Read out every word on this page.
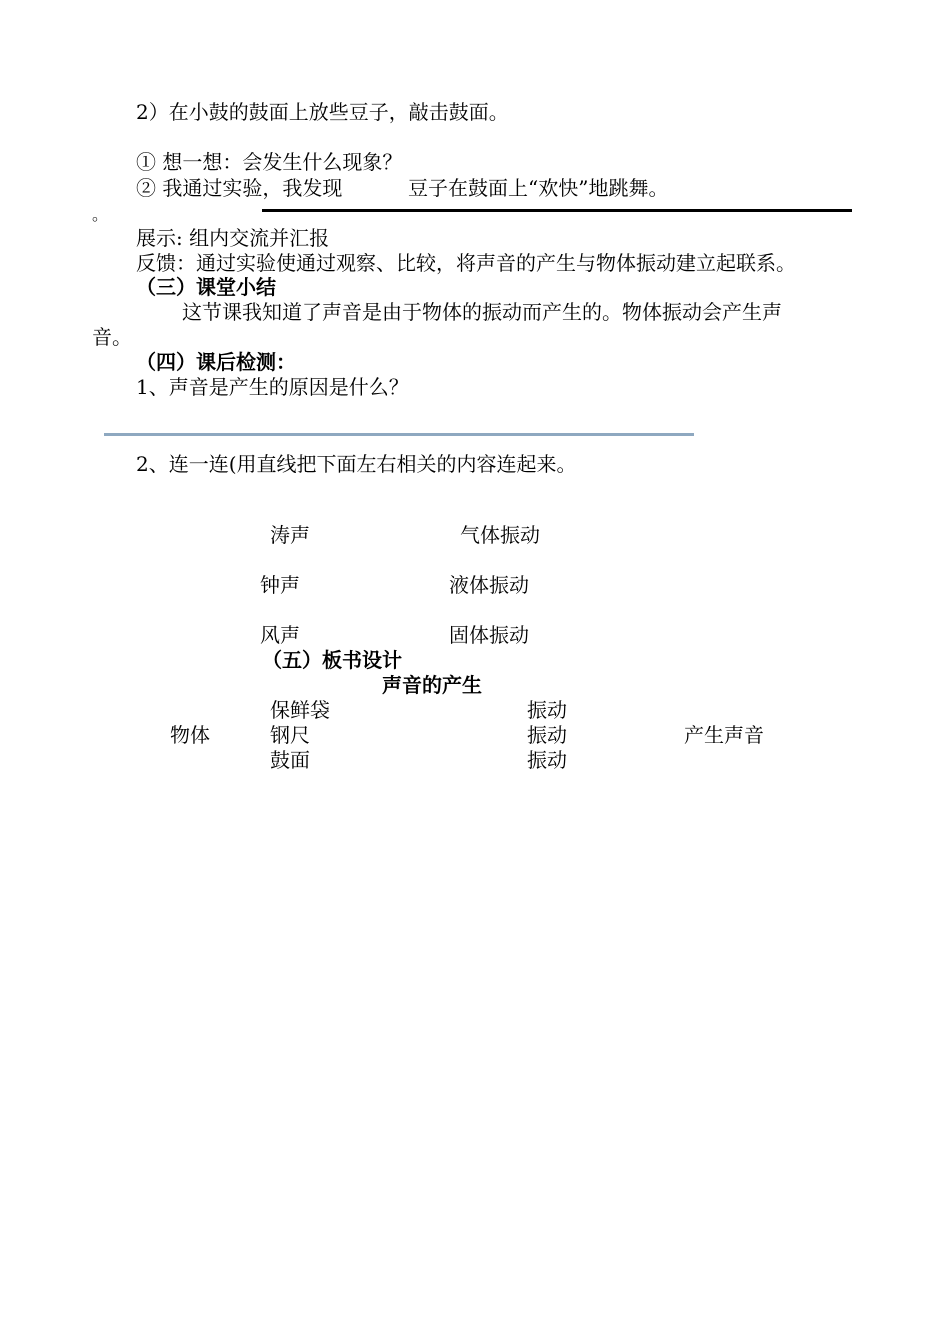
2）在小鼓的鼓面上放些豆子，敲击鼓面。
① 想一想：会发生什么现象？
② 我通过实验，我发现	豆子在鼓面上“欢快”地跳舞。
。
展示: 组内交流并汇报
反馈：通过实验使通过观察、比较，将声音的产生与物体振动建立起联系。
（三）课堂小结
这节课我知道了声音是由于物体的振动而产生的。物体振动会产生声
音。
（四）课后检测：
1、声音是产生的原因是什么？
2、连一连(用直线把下面左右相关的内容连起来。
涛声
钟声
风声
气体振动
液体振动
固体振动
（五）板书设计
声音的产生
保鲜袋
物体	钢尺
鼓面
振动
振动
振动
产生声音
